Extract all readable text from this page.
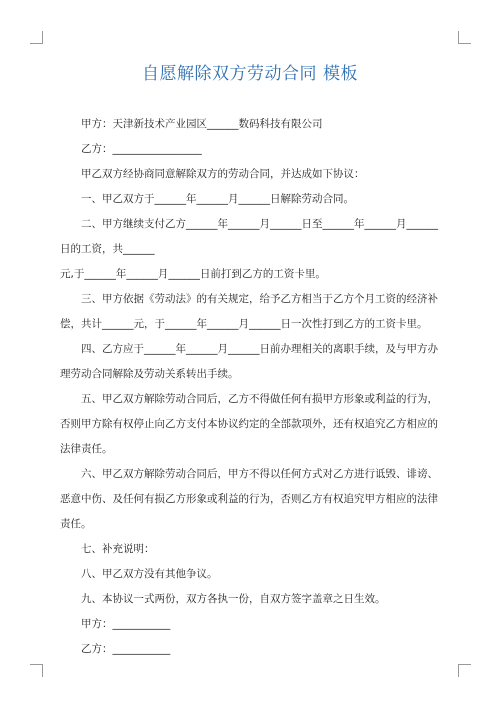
自愿解除双方劳动合同 模板

甲方：天津新技术产业园区______数码科技有限公司

乙方：_________________

甲乙双方经协商同意解除双方的劳动合同，并达成如下协议：

一、甲乙双方于______年______月______日解除劳动合同。

二、甲方继续支付乙方______年______月______日至______年______月______日的工资，共______

元,于______年______月______日前打到乙方的工资卡里。

三、甲方依据《劳动法》的有关规定，给予乙方相当于乙方个月工资的经济补偿，共计______元，于______年______月______日一次性打到乙方的工资卡里。

四、乙方应于______年______月______日前办理相关的离职手续，及与甲方办理劳动合同解除及劳动关系转出手续。

五、甲乙双方解除劳动合同后，乙方不得做任何有损甲方形象或利益的行为，否则甲方除有权停止向乙方支付本协议约定的全部款项外，还有权追究乙方相应的法律责任。

六、甲乙双方解除劳动合同后，甲方不得以任何方式对乙方进行诋毁、诽谤、恶意中伤、及任何有损乙方形象或利益的行为，否则乙方有权追究甲方相应的法律责任。

七、补充说明：

八、甲乙双方没有其他争议。

九、本协议一式两份，双方各执一份，自双方签字盖章之日生效。

甲方：___________

乙方：___________
